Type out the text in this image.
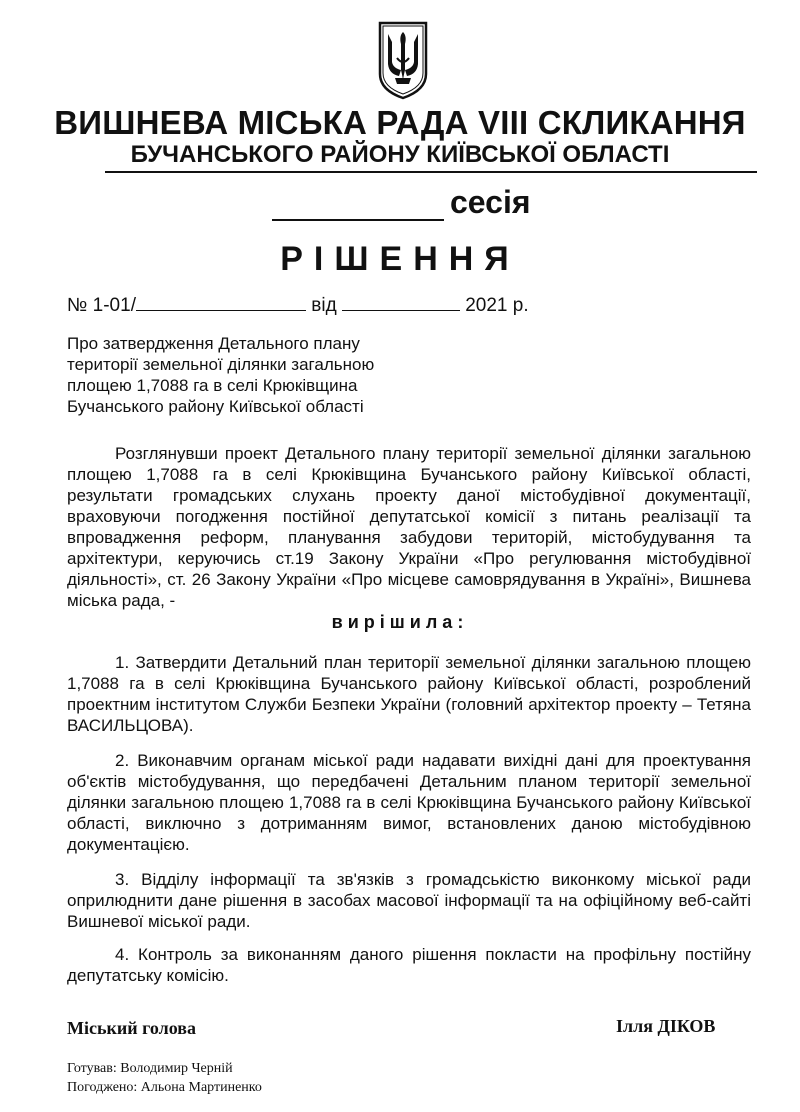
ВИШНЕВА МІСЬКА РАДА VІІІ СКЛИКАННЯ
БУЧАНСЬКОГО РАЙОНУ КИЇВСЬКОЇ ОБЛАСТІ
сесія
РІШЕННЯ
№ 1-01/	від	2021 р.
Про затвердження Детального плану
території земельної ділянки загальною
площею 1,7088 га в селі Крюківщина
Бучанського району Київської області

Розглянувши проект Детального плану території земельної ділянки загальною площею 1,7088 га в селі Крюківщина Бучанського району Київської області, результати громадських слухань проекту даної містобудівної документації, враховуючи погодження постійної депутатської комісії з питань реалізації та впровадження реформ, планування забудови територій, містобудування та архітектури, керуючись ст.19 Закону України «Про регулювання містобудівної діяльності», ст. 26 Закону України «Про місцеве самоврядування в Україні», Вишнева міська рада, -

вирішила:

1. Затвердити Детальний план території земельної ділянки загальною площею 1,7088 га в селі Крюківщина Бучанського району Київської області, розроблений проектним інститутом Служби Безпеки України (головний архітектор проекту – Тетяна ВАСИЛЬЦОВА).

2. Виконавчим органам міської ради надавати вихідні дані для проектування об'єктів містобудування, що передбачені Детальним планом території земельної ділянки загальною площею 1,7088 га в селі Крюківщина Бучанського району Київської області, виключно з дотриманням вимог, встановлених даною містобудівною документацією.

3. Відділу інформації та зв'язків з громадськістю виконкому міської ради оприлюднити дане рішення в засобах масової інформації та на офіційному веб-сайті Вишневої міської ради.

4. Контроль за виконанням даного рішення покласти на профільну постійну депутатську комісію.

Міський голова	Ілля ДІКОВ
Готував: Володимир Черній
Погоджено: Альона Мартиненко
